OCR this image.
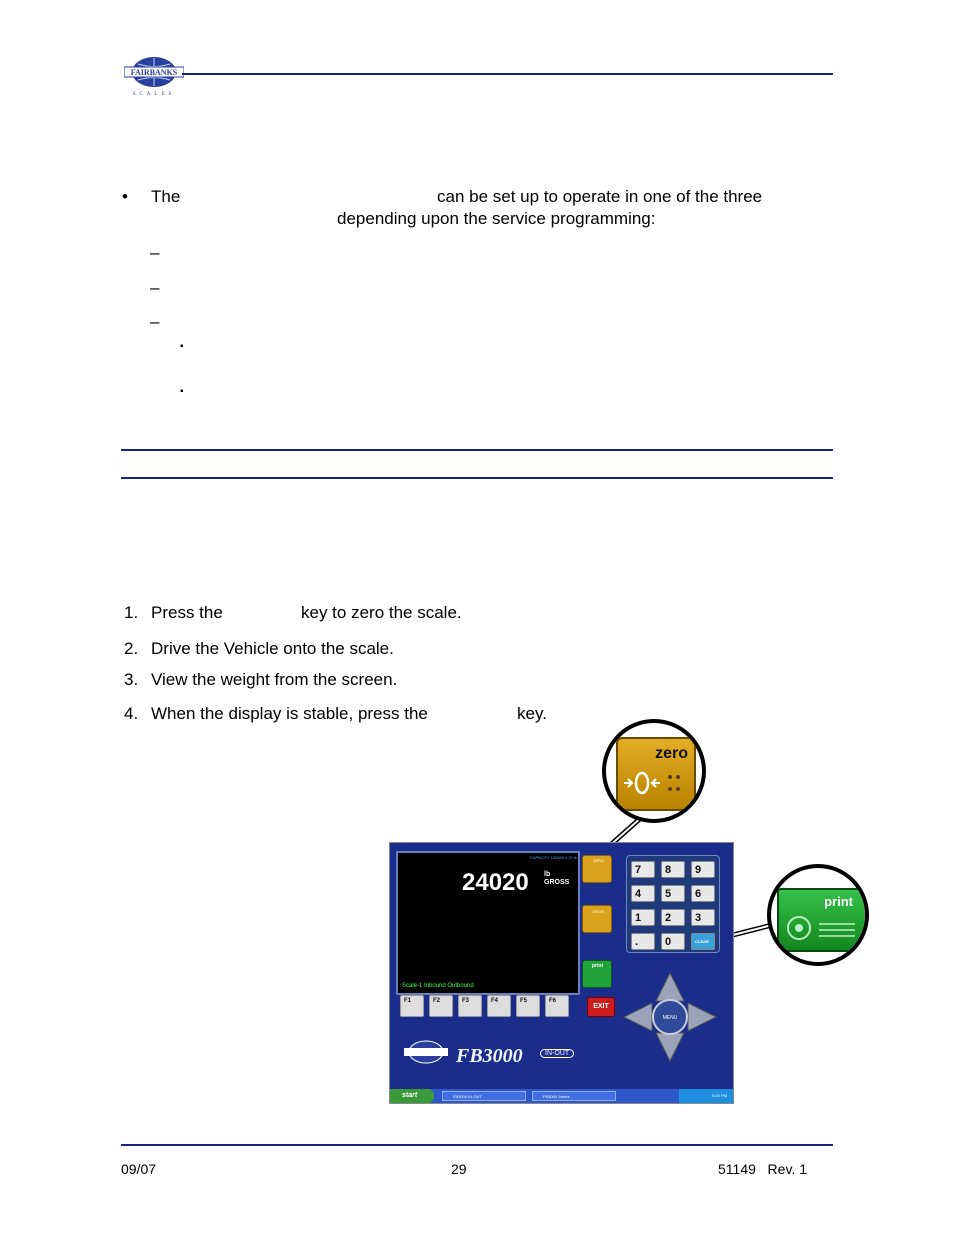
FAIRBANKS
SCALES
• The	can be set up to operate in one of the three
depending upon the service programming:
–
–
–
▪
▪
1. Press the	key to zero the scale.
2. Drive the Vehicle onto the scale.
3. View the weight from the screen.
4. When the display is stable, press the	key.
CAPACITY 120000 x 20 lb
24020 lb
GROSS
Scale-1 Inbound Outbound
F1	F2	F3	F4	F5	F6
ZERO
UNITS
print
7	8	9
4	5	6
1	2	3
.	0	CLEAR
EXIT
MENU
FB3000	IN-OUT
start	FB3000 IN-OUT	FB3000 Series	5:20 PM
zero
print
09/07	29	51149   Rev. 1
